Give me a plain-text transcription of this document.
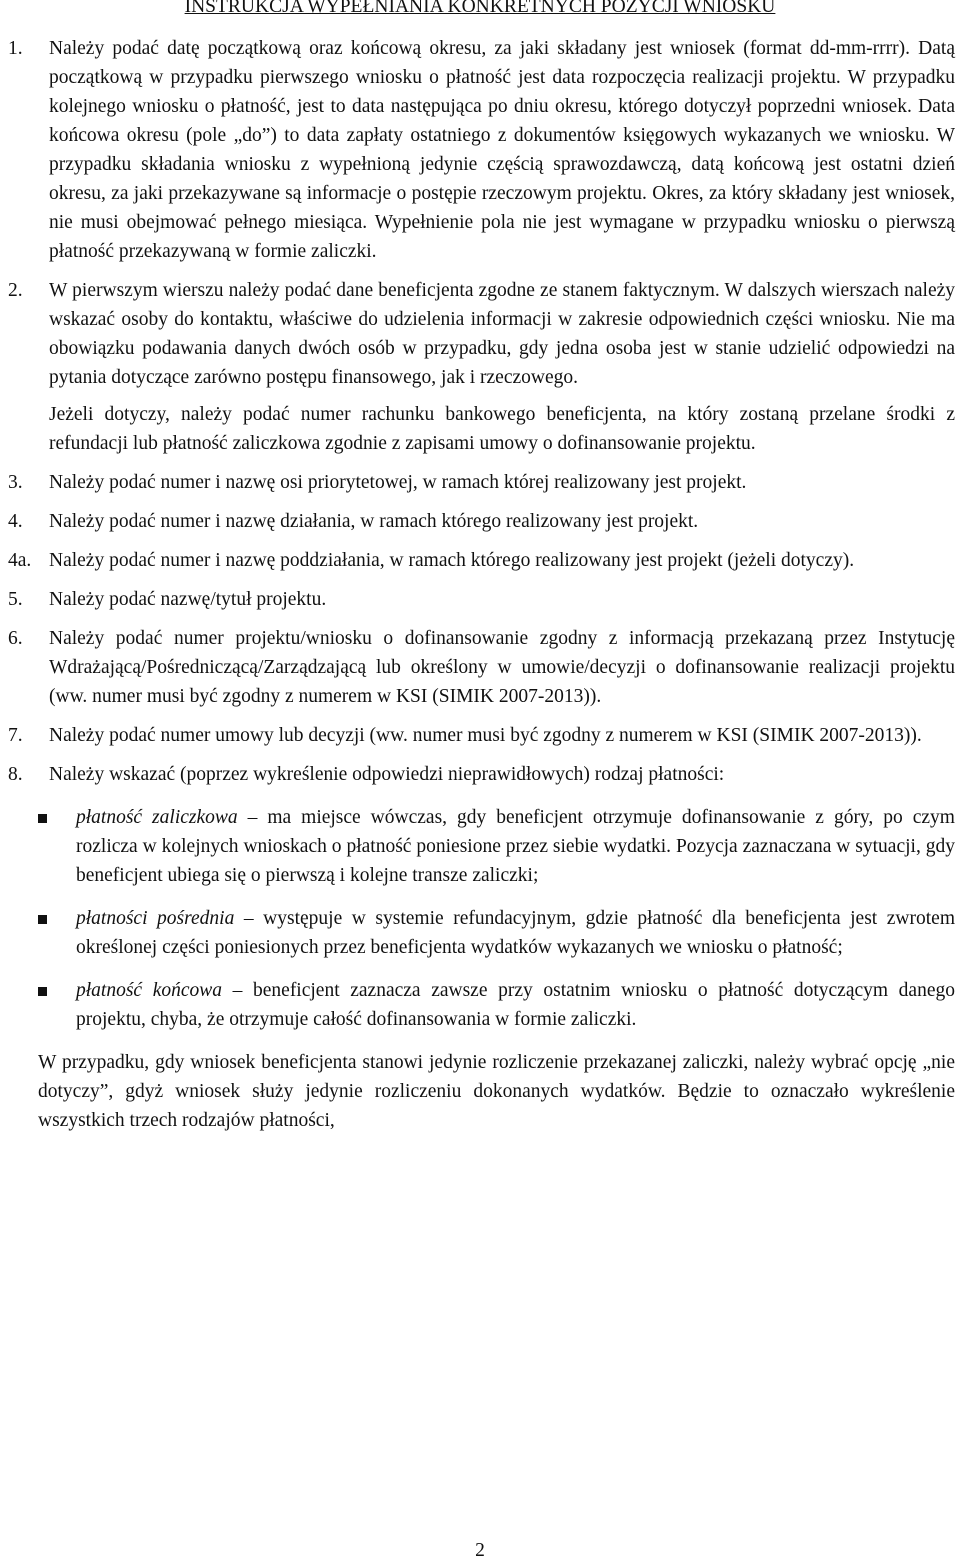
INSTRUKCJA WYPEŁNIANIA KONKRETNYCH POZYCJI WNIOSKU
1. Należy podać datę początkową oraz końcową okresu, za jaki składany jest wniosek (format dd-mm-rrrr). Datą początkową w przypadku pierwszego wniosku o płatność jest data rozpoczęcia realizacji projektu. W przypadku kolejnego wniosku o płatność, jest to data następująca po dniu okresu, którego dotyczył poprzedni wniosek. Data końcowa okresu (pole „do”) to data zapłaty ostatniego z dokumentów księgowych wykazanych we wniosku. W przypadku składania wniosku z wypełnioną jedynie częścią sprawozdawczą, datą końcową jest ostatni dzień okresu, za jaki przekazywane są informacje o postępie rzeczowym projektu. Okres, za który składany jest wniosek, nie musi obejmować pełnego miesiąca. Wypełnienie pola nie jest wymagane w przypadku wniosku o pierwszą płatność przekazywaną w formie zaliczki.

2. W pierwszym wierszu należy podać dane beneficjenta zgodne ze stanem faktycznym. W dalszych wierszach należy wskazać osoby do kontaktu, właściwe do udzielenia informacji w zakresie odpowiednich części wniosku. Nie ma obowiązku podawania danych dwóch osób w przypadku, gdy jedna osoba jest w stanie udzielić odpowiedzi na pytania dotyczące zarówno postępu finansowego, jak i rzeczowego.

Jeżeli dotyczy, należy podać numer rachunku bankowego beneficjenta, na który zostaną przelane środki z refundacji lub płatność zaliczkowa zgodnie z zapisami umowy o dofinansowanie projektu.

3. Należy podać numer i nazwę osi priorytetowej, w ramach której realizowany jest projekt.

4. Należy podać numer i nazwę działania, w ramach którego realizowany jest projekt.

4a. Należy podać numer i nazwę poddziałania, w ramach którego realizowany jest projekt (jeżeli dotyczy).

5. Należy podać nazwę/tytuł projektu.

6. Należy podać numer projektu/wniosku o dofinansowanie zgodny z informacją przekazaną przez Instytucję Wdrażającą/Pośredniczącą/Zarządzającą lub określony w umowie/decyzji o dofinansowanie realizacji projektu (ww. numer musi być zgodny z numerem w KSI (SIMIK 2007-2013)).

7. Należy podać numer umowy lub decyzji (ww. numer musi być zgodny z numerem w KSI (SIMIK 2007-2013)).

8. Należy wskazać (poprzez wykreślenie odpowiedzi nieprawidłowych) rodzaj płatności:

płatność zaliczkowa – ma miejsce wówczas, gdy beneficjent otrzymuje dofinansowanie z góry, po czym rozlicza w kolejnych wnioskach o płatność poniesione przez siebie wydatki. Pozycja zaznaczana w sytuacji, gdy beneficjent ubiega się o pierwszą i kolejne transze zaliczki;
płatności pośrednia – występuje w systemie refundacyjnym, gdzie płatność dla beneficjenta jest zwrotem określonej części poniesionych przez beneficjenta wydatków wykazanych we wniosku o płatność;
płatność końcowa – beneficjent zaznacza zawsze przy ostatnim wniosku o płatność dotyczącym danego projektu, chyba, że otrzymuje całość dofinansowania w formie zaliczki.
W przypadku, gdy wniosek beneficjenta stanowi jedynie rozliczenie przekazanej zaliczki, należy wybrać opcję „nie dotyczy”, gdyż wniosek służy jedynie rozliczeniu dokonanych wydatków. Będzie to oznaczało wykreślenie wszystkich trzech rodzajów płatności,
2
